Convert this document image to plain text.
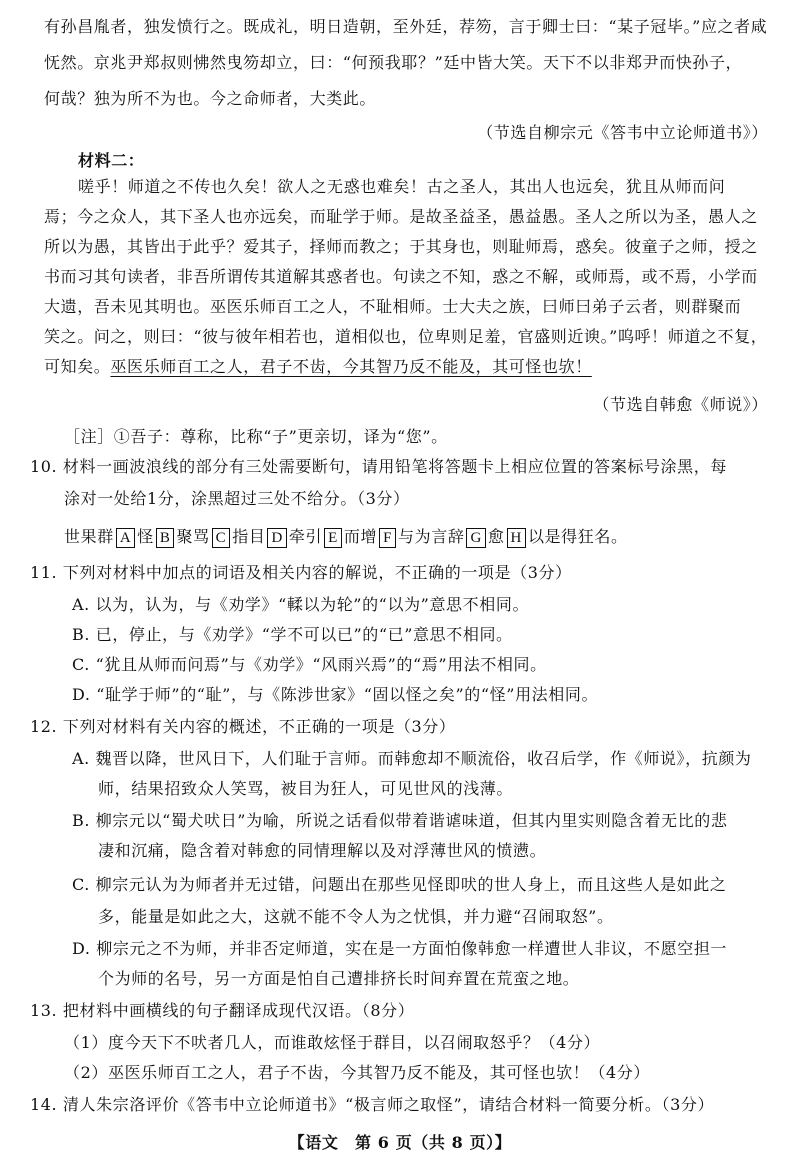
有孙昌胤者，独发愤行之。既成礼，明日造朝，至外廷，荐笏，言于卿士曰：“某子冠毕。”应之者咸
怃然。京兆尹郑叔则怫然曳笏却立，曰：“何预我耶？”廷中皆大笑。天下不以非郑尹而快孙子，
何哉？独为所不为也。今之命师者，大类此。
（节选自柳宗元《答韦中立论师道书》）
材料二：
嗟乎！师道之不传也久矣！欲人之无惑也难矣！古之圣人，其出人也远矣，犹且从师而问
焉；今之众人，其下圣人也亦远矣，而耻学于师。是故圣益圣，愚益愚。圣人之所以为圣，愚人之
所以为愚，其皆出于此乎？爱其子，择师而教之；于其身也，则耻师焉，惑矣。彼童子之师，授之
书而习其句读者，非吾所谓传其道解其惑者也。句读之不知，惑之不解，或师焉，或不焉，小学而
大遗，吾未见其明也。巫医乐师百工之人，不耻相师。士大夫之族，曰师曰弟子云者，则群聚而
笑之。问之，则曰：“彼与彼年相若也，道相似也，位卑则足羞，官盛则近谀。”呜呼！师道之不复，
可知矣。巫医乐师百工之人，君子不齿，今其智乃反不能及，其可怪也欤！
（节选自韩愈《师说》）
［注］①吾子：尊称，比称“子”更亲切，译为“您”。
10. 材料一画波浪线的部分有三处需要断句，请用铅笔将答题卡上相应位置的答案标号涂黑，每
涂对一处给1分，涂黑超过三处不给分。（3分）
世果群 A 怪 B 聚骂 C 指目 D 牵引 E 而增 F 与为言辞 G 愈 H 以是得狂名。
11. 下列对材料中加点的词语及相关内容的解说，不正确的一项是（3分）
A. 以为，认为，与《劝学》“輮以为轮”的“以为”意思不相同。
B. 已，停止，与《劝学》“学不可以已”的“已”意思不相同。
C. “犹且从师而问焉”与《劝学》“风雨兴焉”的“焉”用法不相同。
D. “耻学于师”的“耻”，与《陈涉世家》“固以怪之矣”的“怪”用法相同。
12. 下列对材料有关内容的概述，不正确的一项是（3分）
A. 魏晋以降，世风日下，人们耻于言师。而韩愈却不顺流俗，收召后学，作《师说》，抗颜为
师，结果招致众人笑骂，被目为狂人，可见世风的浅薄。
B. 柳宗元以“蜀犬吠日”为喻，所说之话看似带着谐谑味道，但其内里实则隐含着无比的悲
凄和沉痛，隐含着对韩愈的同情理解以及对浮薄世风的愤懑。
C. 柳宗元认为为师者并无过错，问题出在那些见怪即吠的世人身上，而且这些人是如此之
多，能量是如此之大，这就不能不令人为之忧惧，并力避“召闹取怒”。
D. 柳宗元之不为师，并非否定师道，实在是一方面怕像韩愈一样遭世人非议，不愿空担一
个为师的名号，另一方面是怕自己遭排挤长时间弃置在荒蛮之地。
13. 把材料中画横线的句子翻译成现代汉语。（8分）
（1）度今天下不吠者几人，而谁敢炫怪于群目，以召闹取怒乎？（4分）
（2）巫医乐师百工之人，君子不齿，今其智乃反不能及，其可怪也欤！（4分）
14. 清人朱宗洛评价《答韦中立论师道书》“极言师之取怪”，请结合材料一简要分析。（3分）
【语文　第 6 页（共 8 页）】
